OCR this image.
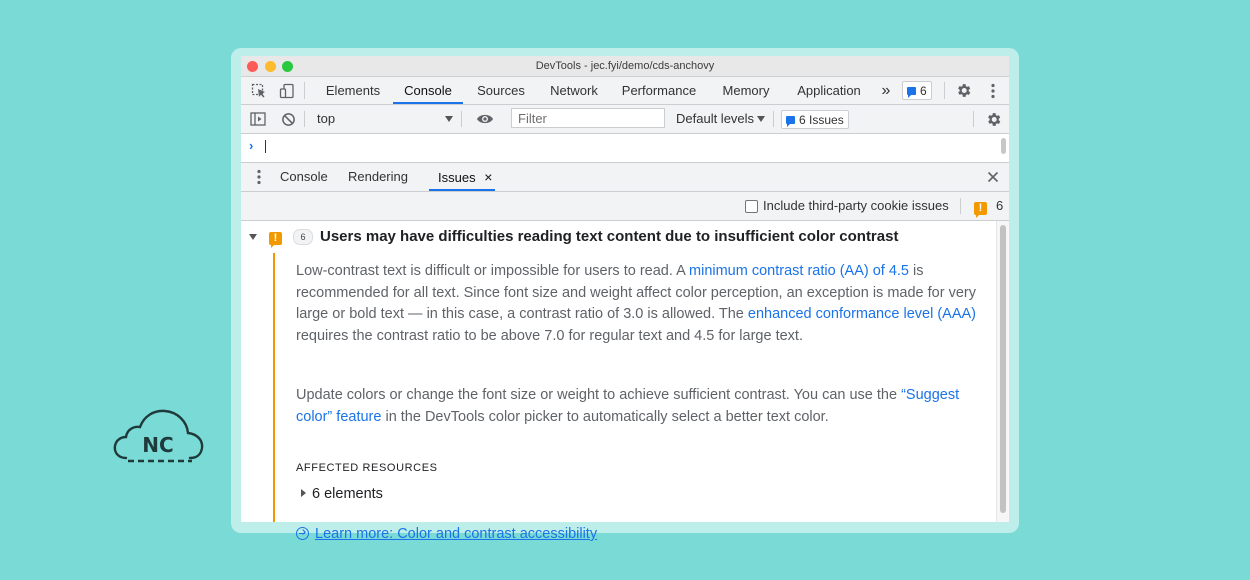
DevTools - jec.fyi/demo/cds-anchovy
Elements	Console	Sources	Network	Performance	Memory	Application	»	6
top
Filter	Default levels	6 Issues
›
Console Rendering	Issues ×
Include third-party cookie issues	!	6
!	6 Users may have difficulties reading text content due to insufficient color contrast

Low-contrast text is difficult or impossible for users to read. A minimum contrast ratio (AA) of 4.5 is recommended for all text. Since font size and weight affect color perception, an exception is made for very large or bold text — in this case, a contrast ratio of 3.0 is allowed. The enhanced conformance level (AAA) requires the contrast ratio to be above 7.0 for regular text and 4.5 for large text.

Update colors or change the font size or weight to achieve sufficient contrast. You can use the “Suggest color” feature in the DevTools color picker to automatically select a better text color.

AFFECTED RESOURCES
6 elements
Learn more: Color and contrast accessibility
NC
